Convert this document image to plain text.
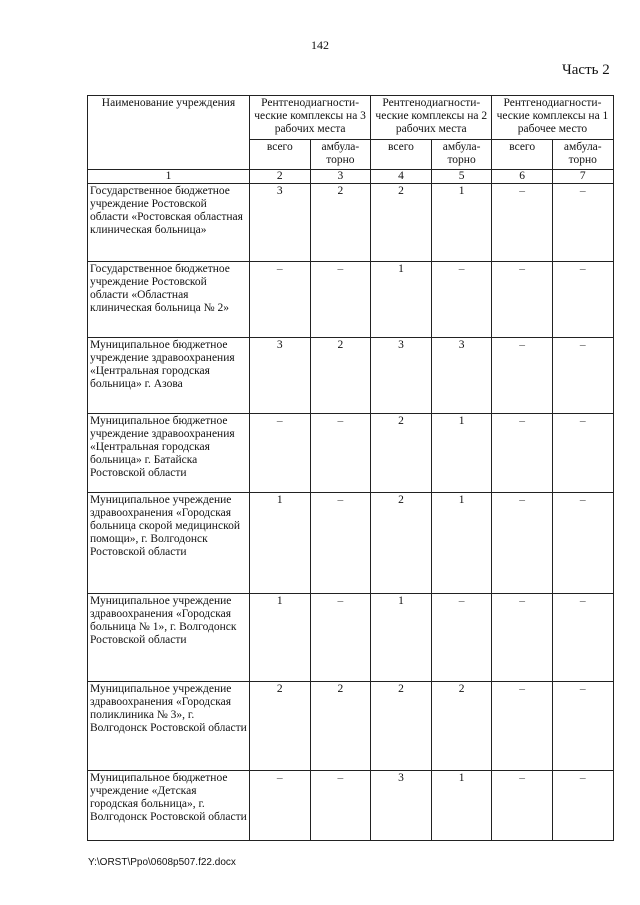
142
Часть 2
Наименование учреждения	Рентгенодиагности-ческие комплексы на 3 рабочих места		Рентгенодиагности-ческие комплексы на 2 рабочих места		Рентгенодиагности-ческие комплексы на 1 рабочее место	
	всего	амбула-торно	всего	амбула-торно	всего	амбула-торно
1	2	3	4	5	6	7
Государственное бюджетное учреждение Ростовской области «Ростовская областная клиническая больница»	3	2	2	1	–	–
Государственное бюджетное учреждение Ростовской области «Областная клиническая больница № 2»	–	–	1	–	–	–
Муниципальное бюджетное учреждение здравоохранения «Центральная городская больница» г. Азова	3	2	3	3	–	–
Муниципальное бюджетное учреждение здравоохранения «Центральная городская больница» г. Батайска Ростовской области	–	–	2	1	–	–
Муниципальное учреждение здравоохранения «Городская больница скорой медицинской помощи», г. Волгодонск Ростовской области	1	–	2	1	–	–
Муниципальное учреждение здравоохранения «Городская больница № 1», г. Волгодонск Ростовской области	1	–	1	–	–	–
Муниципальное учреждение здравоохранения «Городская поликлиника № 3», г. Волгодонск Ростовской области	2	2	2	2	–	–
Муниципальное бюджетное учреждение «Детская городская больница», г. Волгодонск Ростовской области	–	–	3	1	–	–
Y:\ORST\Ppo\0608p507.f22.docx
